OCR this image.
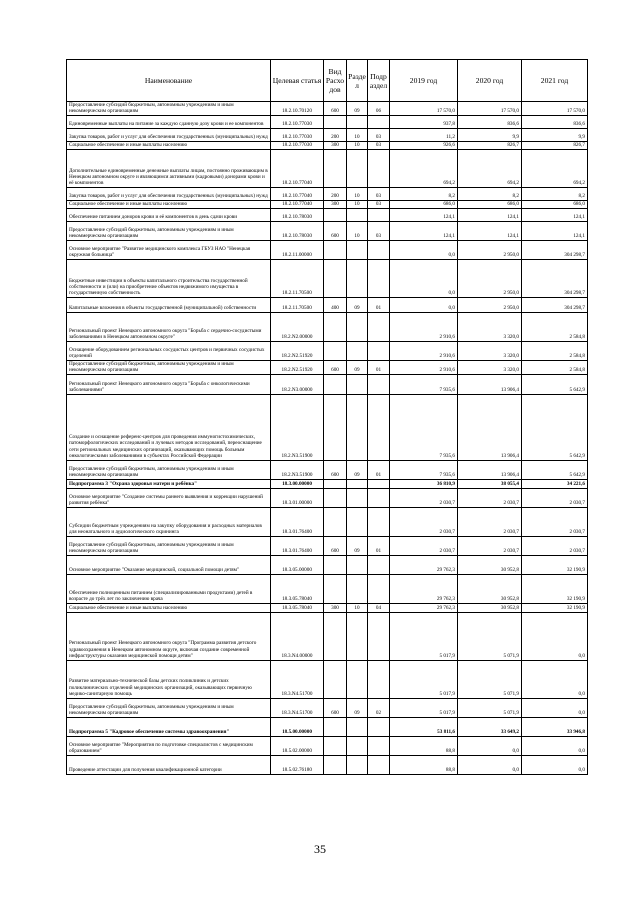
Наименование	Целевая статья	Вид Расхо дов	Разде л	Подр аздел	2019 год	2020 год	2021 год
Предоставление субсидий бюджетным, автономным учреждениям и иным некоммерческим организациям	18.2.10.70120	600	09	06	17 570,0	17 570,0	17 570,0
Единовременные выплаты на питание за каждую сданную дозу крови и ее компонентов	18.2.10.77030				937,8	836,6	836,6
Закупка товаров, работ и услуг для обеспечения государственных (муниципальных) нужд	18.2.10.77030	200	10	03	11,2	9,9	9,9
Социальное обеспечение и иные выплаты населению	18.2.10.77030	300	10	03	926,6	826,7	826,7
Дополнительные единовременные денежные выплаты лицам, постоянно проживающим в Ненецком автономном округе и являющимся активными (кадровыми) донорами крови и её компонентов	18.2.10.77040				694,2	694,2	694,2
Закупка товаров, работ и услуг для обеспечения государственных (муниципальных) нужд	18.2.10.77040	200	10	03	8,2	8,2	8,2
Социальное обеспечение и иные выплаты населению	18.2.10.77040	300	10	03	686,0	686,0	686,0
Обеспечение питанием доноров крови и её компонентов в день сдачи крови	18.2.10.78030				124,1	124,1	124,1
Предоставление субсидий бюджетным, автономным учреждениям и иным некоммерческим организациям	18.2.10.78030	600	10	03	124,1	124,1	124,1
Основное мероприятие "Развитие медицинского комплекса ГБУЗ НАО "Ненецкая окружная больница"	18.2.11.00000				0,0	2 950,0	304 298,7
Бюджетные инвестиции в объекты капитального строительства государственной собственности и (или) на приобретение объектов недвижимого имущества в государственную собственность	18.2.11.70500				0,0	2 950,0	304 298,7
Капитальные вложения в объекты государственной (муниципальной) собственности	18.2.11.70500	400	09	01	0,0	2 950,0	304 298,7
Региональный проект Ненецкого автономного округа "Борьба с сердечно-сосудистыми заболеваниями в Ненецком автономном округе"	18.2.N2.00000				2 910,6	3 320,0	2 584,8
Оснащение оборудованием региональных сосудистых центров и первичных сосудистых отделений	18.2.N2.51920				2 910,6	3 320,0	2 584,8
Предоставление субсидий бюджетным, автономным учреждениям и иным некоммерческим организациям	18.2.N2.51920	600	09	01	2 910,6	3 320,0	2 584,8
Региональный проект Ненецкого автономного округа "Борьба с онкологическими заболеваниями"	18.2.N3.00000				7 935,6	13 906,4	5 642,9
Создание и оснащение референс-центров для проведения иммуногистохимических, патоморфологических исследований и лучевых методов исследований, переоснащение сети региональных медицинских организаций, оказывающих помощь больным онкологическими заболеваниями в субъектах Российской Федерации	18.2.N3.51900				7 935,6	13 906,4	5 642,9
Предоставление субсидий бюджетным, автономным учреждениям и иным некоммерческим организациям	18.2.N3.51900	600	09	01	7 935,6	13 906,4	5 642,9
Подпрограмма 3 "Охрана здоровья матери и ребёнка"	18.3.00.00000				36 810,9	38 055,4	34 221,6
Основное мероприятие "Создание системы раннего выявления и коррекции нарушений развития ребёнка"	18.3.01.00000				2 030,7	2 030,7	2 030,7
Субсидии бюджетным учреждениям на закупку оборудования и расходных материалов для неонатального и аудиологического скрининга	18.3.01.76400				2 030,7	2 030,7	2 030,7
Предоставление субсидий бюджетным, автономным учреждениям и иным некоммерческим организациям	18.3.01.76400	600	09	01	2 030,7	2 030,7	2 030,7
Основное мероприятие "Оказание медицинской, социальной помощи детям"	18.3.05.00000				29 762,3	30 952,8	32 190,9
Обеспечение полноценным питанием (специализированными продуктами) детей в возрасте до трёх лет по заключению врача	18.3.05.78040				29 762,3	30 952,8	32 190,9
Социальное обеспечение и иные выплаты населению	18.3.05.78040	300	10	04	29 762,3	30 952,8	32 190,9
Региональный проект Ненецкого автономного округа "Программа развития детского здравоохранения в Ненецком автономном округе, включая создание современной инфраструктуры оказания медицинской помощи детям"	18.3.N4.00000				5 017,9	5 071,9	0,0
Развитие материально-технической базы детских поликлиник и детских поликлинических отделений медицинских организаций, оказывающих первичную медико-санитарную помощь	18.3.N4.51700				5 017,9	5 071,9	0,0
Предоставление субсидий бюджетным, автономным учреждениям и иным некоммерческим организациям	18.3.N4.51700	600	09	02	5 017,9	5 071,9	0,0
Подпрограмма 5 "Кадровое обеспечение системы здравоохранения"	18.5.00.00000				53 811,6	33 649,2	33 946,8
Основное мероприятие "Мероприятия по подготовке специалистов с медицинским образованием"	18.5.02.00000				88,8	0,0	0,0
Проведение аттестации для получения квалификационной категории	18.5.02.76180				88,8	0,0	0,0
35
